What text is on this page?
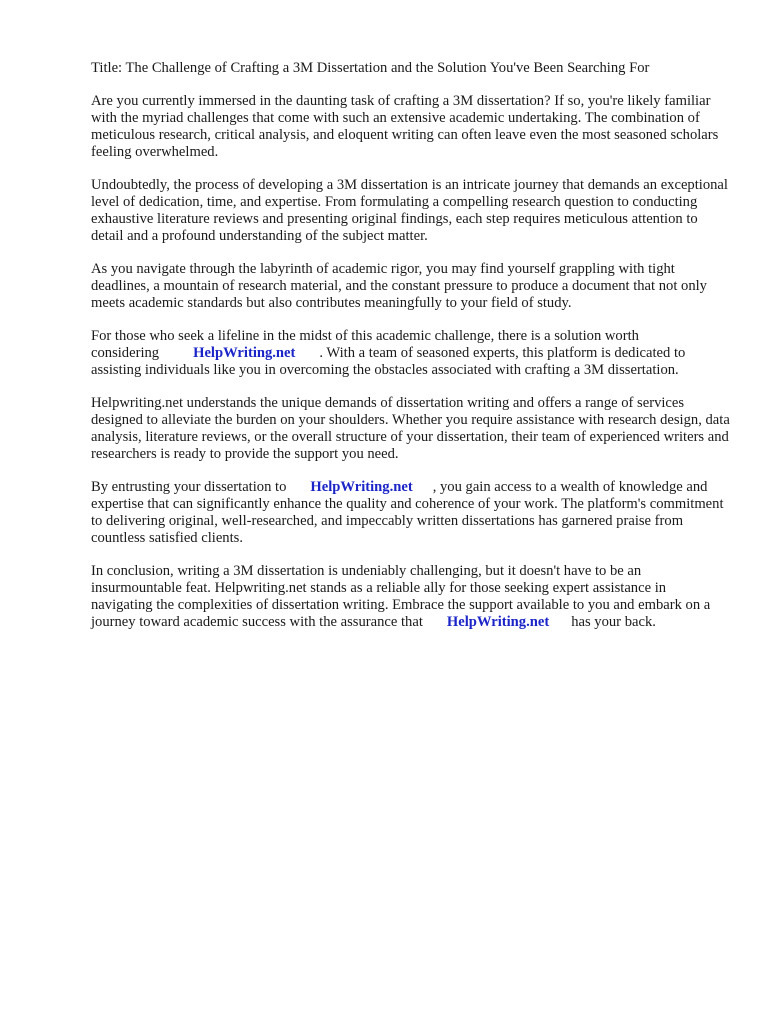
Title: The Challenge of Crafting a 3M Dissertation and the Solution You've Been Searching For

Are you currently immersed in the daunting task of crafting a 3M dissertation? If so, you're likely familiar with the myriad challenges that come with such an extensive academic undertaking. The combination of meticulous research, critical analysis, and eloquent writing can often leave even the most seasoned scholars feeling overwhelmed.

Undoubtedly, the process of developing a 3M dissertation is an intricate journey that demands an exceptional level of dedication, time, and expertise. From formulating a compelling research question to conducting exhaustive literature reviews and presenting original findings, each step requires meticulous attention to detail and a profound understanding of the subject matter.

As you navigate through the labyrinth of academic rigor, you may find yourself grappling with tight deadlines, a mountain of research material, and the constant pressure to produce a document that not only meets academic standards but also contributes meaningfully to your field of study.

For those who seek a lifeline in the midst of this academic challenge, there is a solution worth considering HelpWriting.net . With a team of seasoned experts, this platform is dedicated to assisting individuals like you in overcoming the obstacles associated with crafting a 3M dissertation.

Helpwriting.net understands the unique demands of dissertation writing and offers a range of services designed to alleviate the burden on your shoulders. Whether you require assistance with research design, data analysis, literature reviews, or the overall structure of your dissertation, their team of experienced writers and researchers is ready to provide the support you need.

By entrusting your dissertation to HelpWriting.net , you gain access to a wealth of knowledge and expertise that can significantly enhance the quality and coherence of your work. The platform's commitment to delivering original, well-researched, and impeccably written dissertations has garnered praise from countless satisfied clients.

In conclusion, writing a 3M dissertation is undeniably challenging, but it doesn't have to be an insurmountable feat. Helpwriting.net stands as a reliable ally for those seeking expert assistance in navigating the complexities of dissertation writing. Embrace the support available to you and embark on a journey toward academic success with the assurance that HelpWriting.net has your back.
